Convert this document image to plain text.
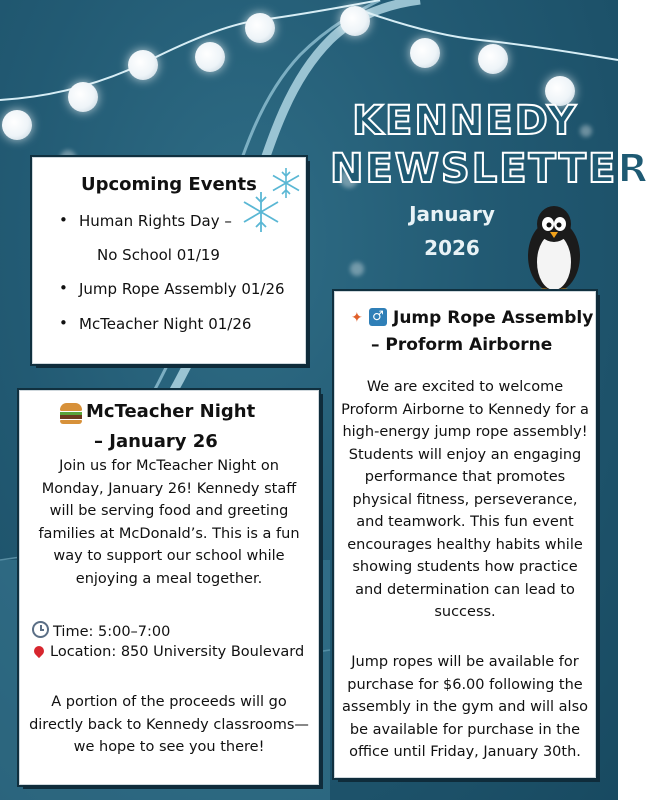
KENNEDY
NEWSLETTER
January
2026
Upcoming Events
• Human Rights Day –
No School 01/19
• Jump Rope Assembly 01/26
• McTeacher Night 01/26
McTeacher Night
– January 26
Join us for McTeacher Night on
Monday, January 26! Kennedy staff
will be serving food and greeting
families at McDonald’s. This is a fun
way to support our school while
enjoying a meal together.
Time: 5:00–7:00
Location: 850 University Boulevard
A portion of the proceeds will go
directly back to Kennedy classrooms—
we hope to see you there!
✦ ♂ Jump Rope Assembly
– Proform Airborne
We are excited to welcome
Proform Airborne to Kennedy for a
high-energy jump rope assembly!
Students will enjoy an engaging
performance that promotes
physical fitness, perseverance,
and teamwork. This fun event
encourages healthy habits while
showing students how practice
and determination can lead to
success.
Jump ropes will be available for
purchase for $6.00 following the
assembly in the gym and will also
be available for purchase in the
office until Friday, January 30th.
